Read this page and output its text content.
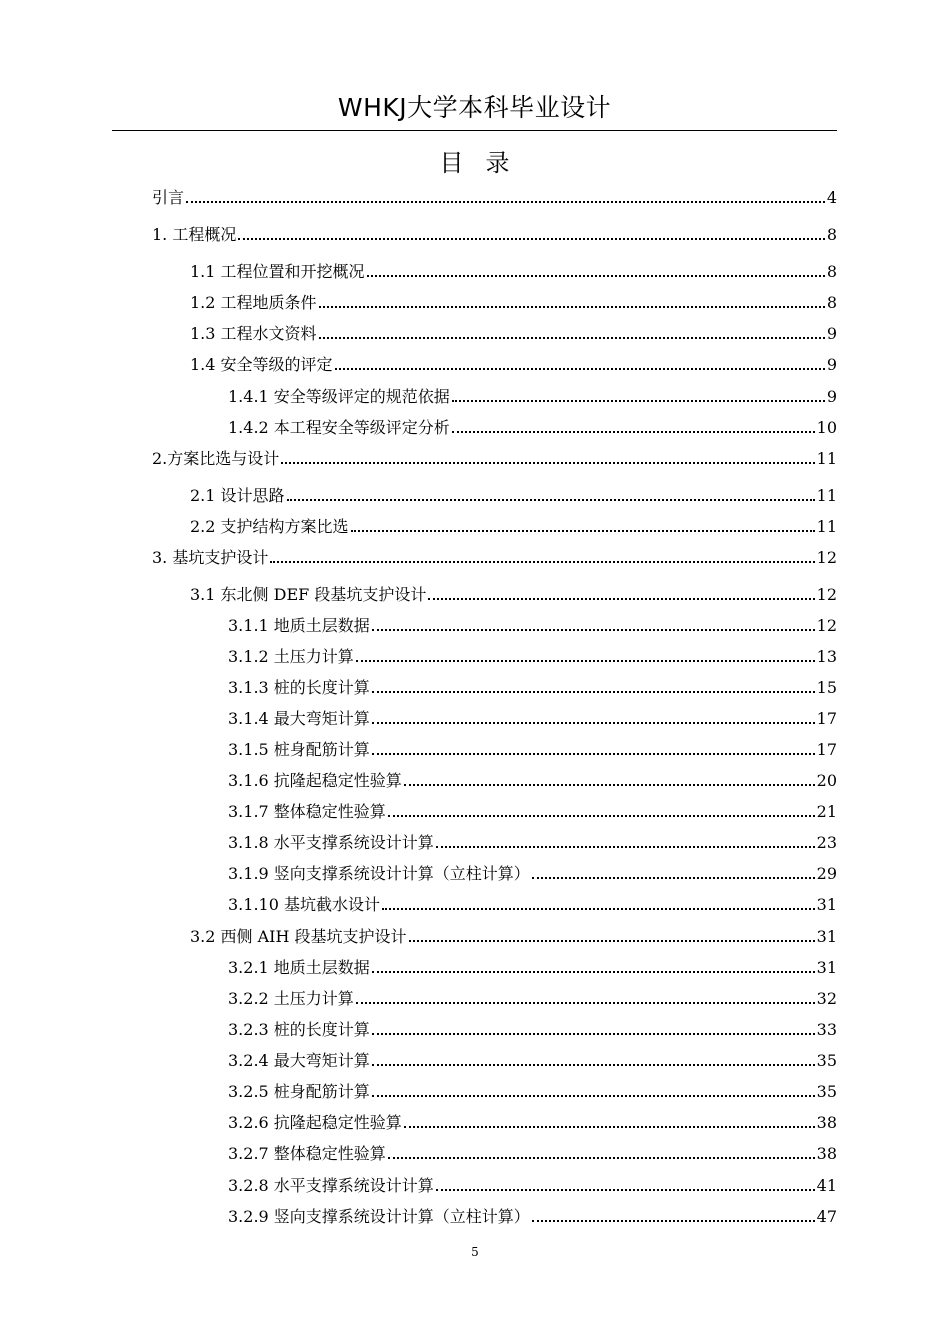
WHKJ大学本科毕业设计
目录
引言	4
1. 工程概况	8
1.1 工程位置和开挖概况	8
1.2 工程地质条件	8
1.3 工程水文资料	9
1.4 安全等级的评定	9
1.4.1 安全等级评定的规范依据	9
1.4.2 本工程安全等级评定分析	10
2.方案比选与设计	11
2.1 设计思路	11
2.2 支护结构方案比选	11
3. 基坑支护设计	12
3.1 东北侧 DEF 段基坑支护设计	12
3.1.1 地质土层数据	12
3.1.2 土压力计算	13
3.1.3 桩的长度计算	15
3.1.4 最大弯矩计算	17
3.1.5 桩身配筋计算	17
3.1.6 抗隆起稳定性验算	20
3.1.7 整体稳定性验算	21
3.1.8 水平支撑系统设计计算	23
3.1.9 竖向支撑系统设计计算（立柱计算）	29
3.1.10 基坑截水设计	31
3.2 西侧 AIH 段基坑支护设计	31
3.2.1 地质土层数据	31
3.2.2 土压力计算	32
3.2.3 桩的长度计算	33
3.2.4 最大弯矩计算	35
3.2.5 桩身配筋计算	35
3.2.6 抗隆起稳定性验算	38
3.2.7 整体稳定性验算	38
3.2.8 水平支撑系统设计计算	41
3.2.9 竖向支撑系统设计计算（立柱计算）	47
5
